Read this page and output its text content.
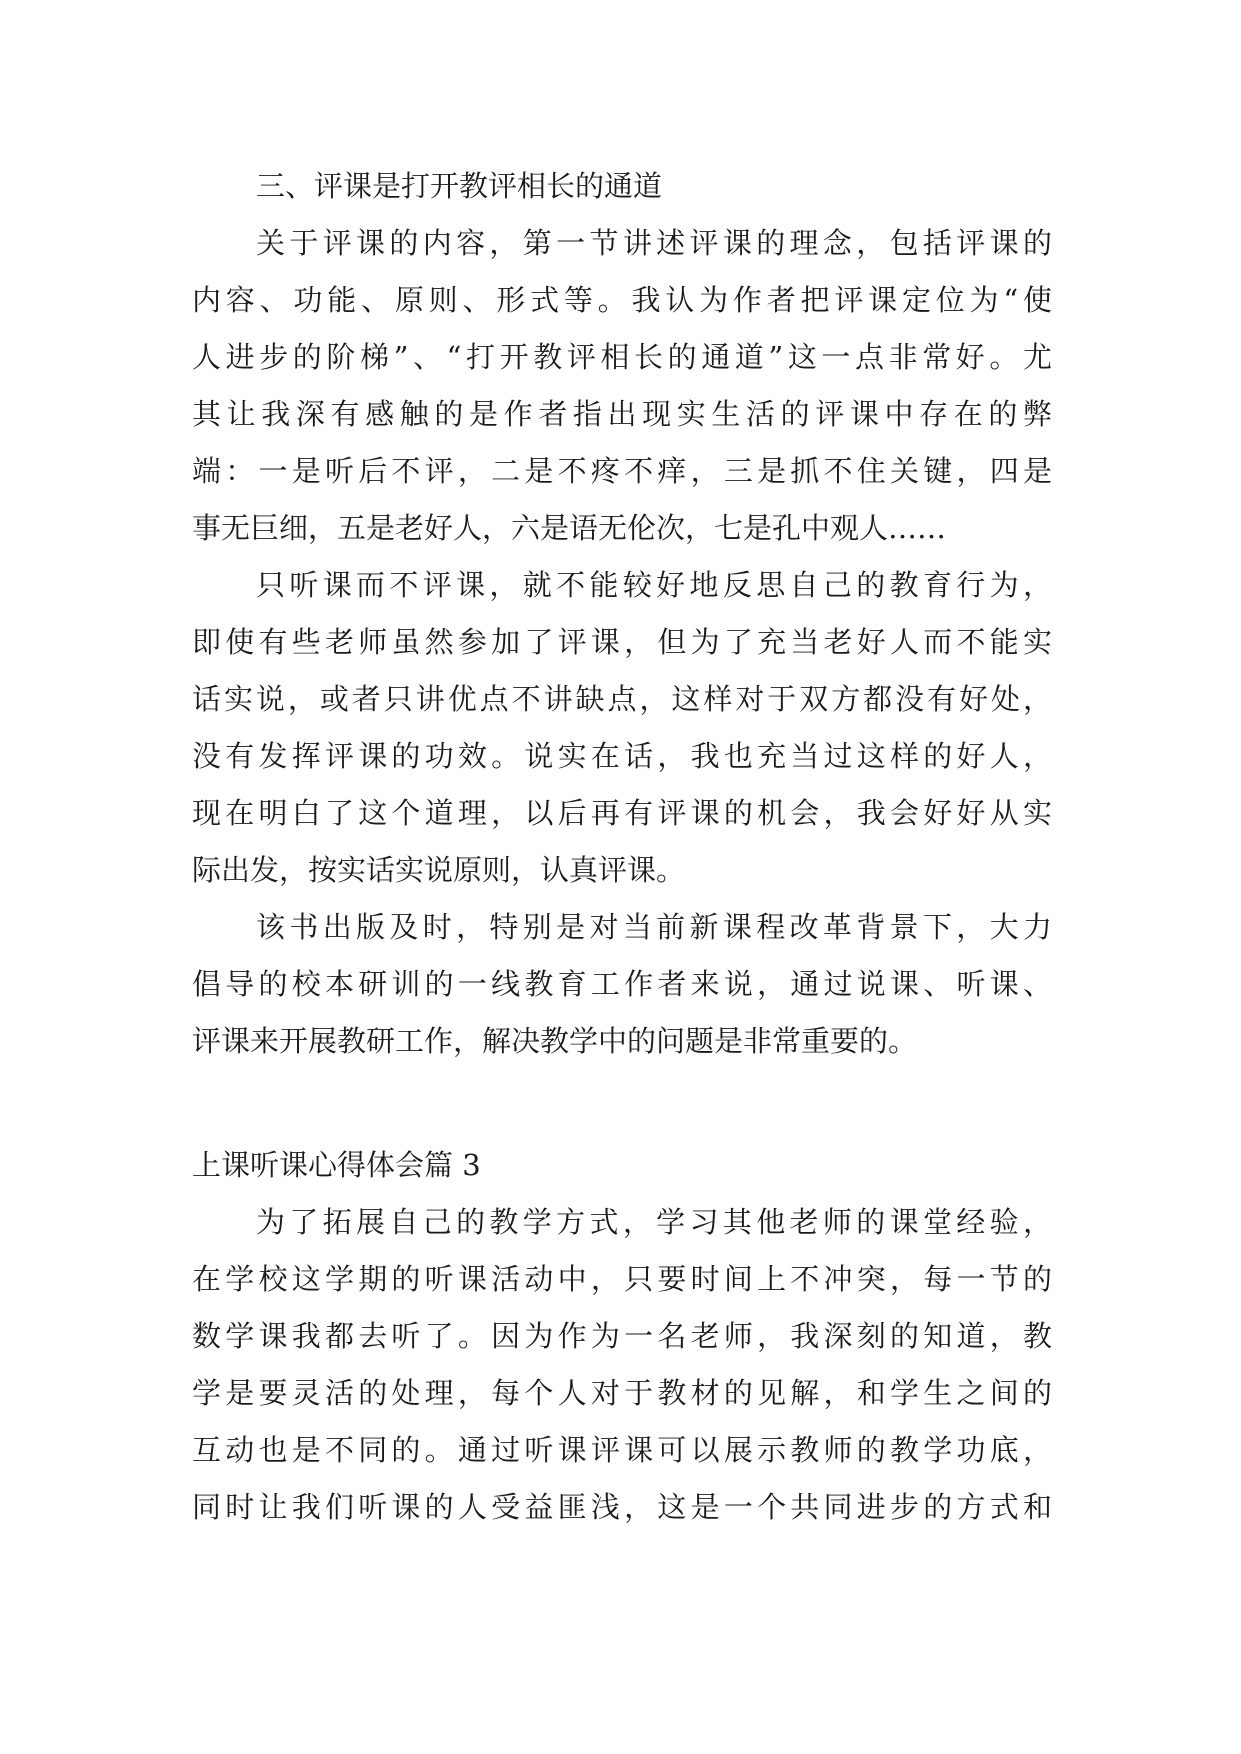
三、评课是打开教评相长的通道
关于评课的内容，第一节讲述评课的理念，包括评课的
内容、功能、原则、形式等。我认为作者把评课定位为“使
人进步的阶梯”、“打开教评相长的通道”这一点非常好。尤
其让我深有感触的是作者指出现实生活的评课中存在的弊
端：一是听后不评，二是不疼不痒，三是抓不住关键，四是
事无巨细，五是老好人，六是语无伦次，七是孔中观人……
只听课而不评课，就不能较好地反思自己的教育行为，
即使有些老师虽然参加了评课，但为了充当老好人而不能实
话实说，或者只讲优点不讲缺点，这样对于双方都没有好处，
没有发挥评课的功效。说实在话，我也充当过这样的好人，
现在明白了这个道理，以后再有评课的机会，我会好好从实
际出发，按实话实说原则，认真评课。
该书出版及时，特别是对当前新课程改革背景下，大力
倡导的校本研训的一线教育工作者来说，通过说课、听课、
评课来开展教研工作，解决教学中的问题是非常重要的。
上课听课心得体会篇 3
为了拓展自己的教学方式，学习其他老师的课堂经验，
在学校这学期的听课活动中，只要时间上不冲突，每一节的
数学课我都去听了。因为作为一名老师，我深刻的知道，教
学是要灵活的处理，每个人对于教材的见解，和学生之间的
互动也是不同的。通过听课评课可以展示教师的教学功底，
同时让我们听课的人受益匪浅，这是一个共同进步的方式和
